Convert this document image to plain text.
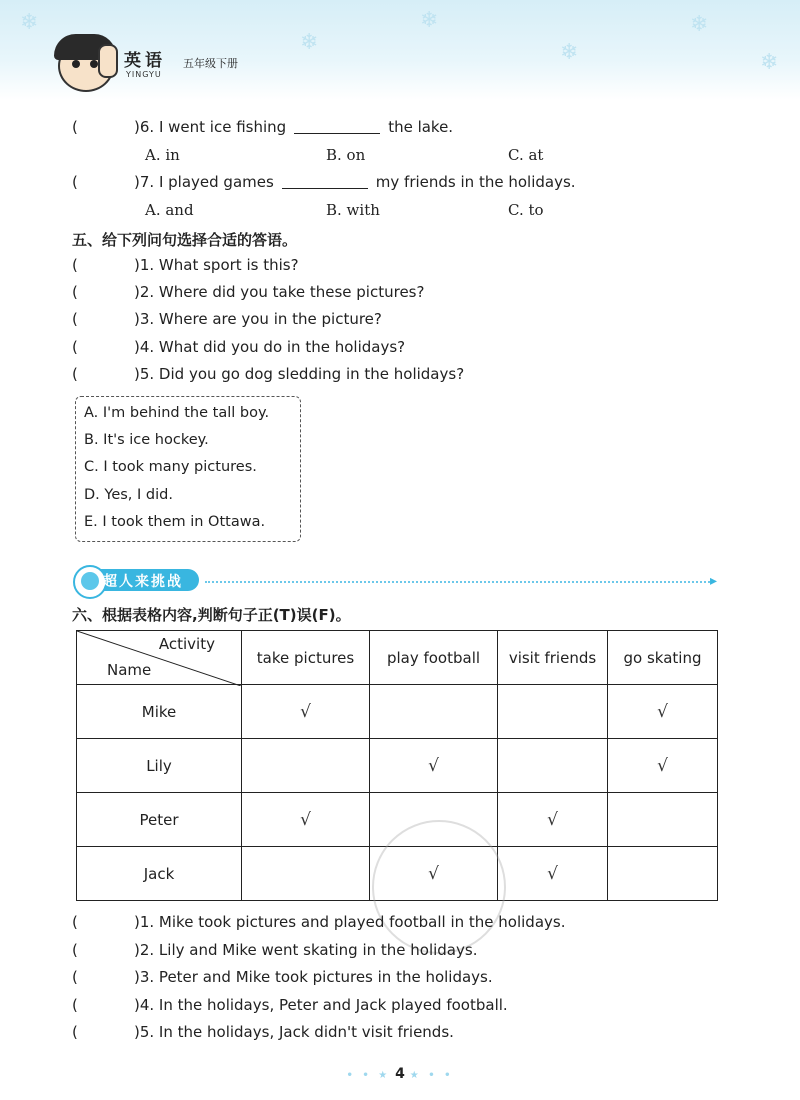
❄
❄
❄
❄
❄
❄
英语
YINGYU
五年级下册
(	)6. I went ice fishing	the lake.
A. in	B. on	C. at
(	)7. I played games	my friends in the holidays.
A. and	B. with	C. to
五、给下列问句选择合适的答语。
(	)1. What sport is this?
(	)2. Where did you take these pictures?
(	)3. Where are you in the picture?
(	)4. What did you do in the holidays?
(	)5. Did you go dog sledding in the holidays?
A. I'm behind the tall boy.
B. It's ice hockey.
C. I took many pictures.
D. Yes, I did.
E. I took them in Ottawa.
超人来挑战	▸
六、根据表格内容,判断句子正(T)误(F)。
Activity
Name	take pictures	play football	visit friends	go skating
Mike	√			√
Lily		√		√
Peter	√		√	
Jack		√	√	
(	)1. Mike took pictures and played football in the holidays.
(	)2. Lily and Mike went skating in the holidays.
(	)3. Peter and Mike took pictures in the holidays.
(	)4. In the holidays, Peter and Jack played football.
(	)5. In the holidays, Jack didn't visit friends.
• • ★ 4 ★ • •
